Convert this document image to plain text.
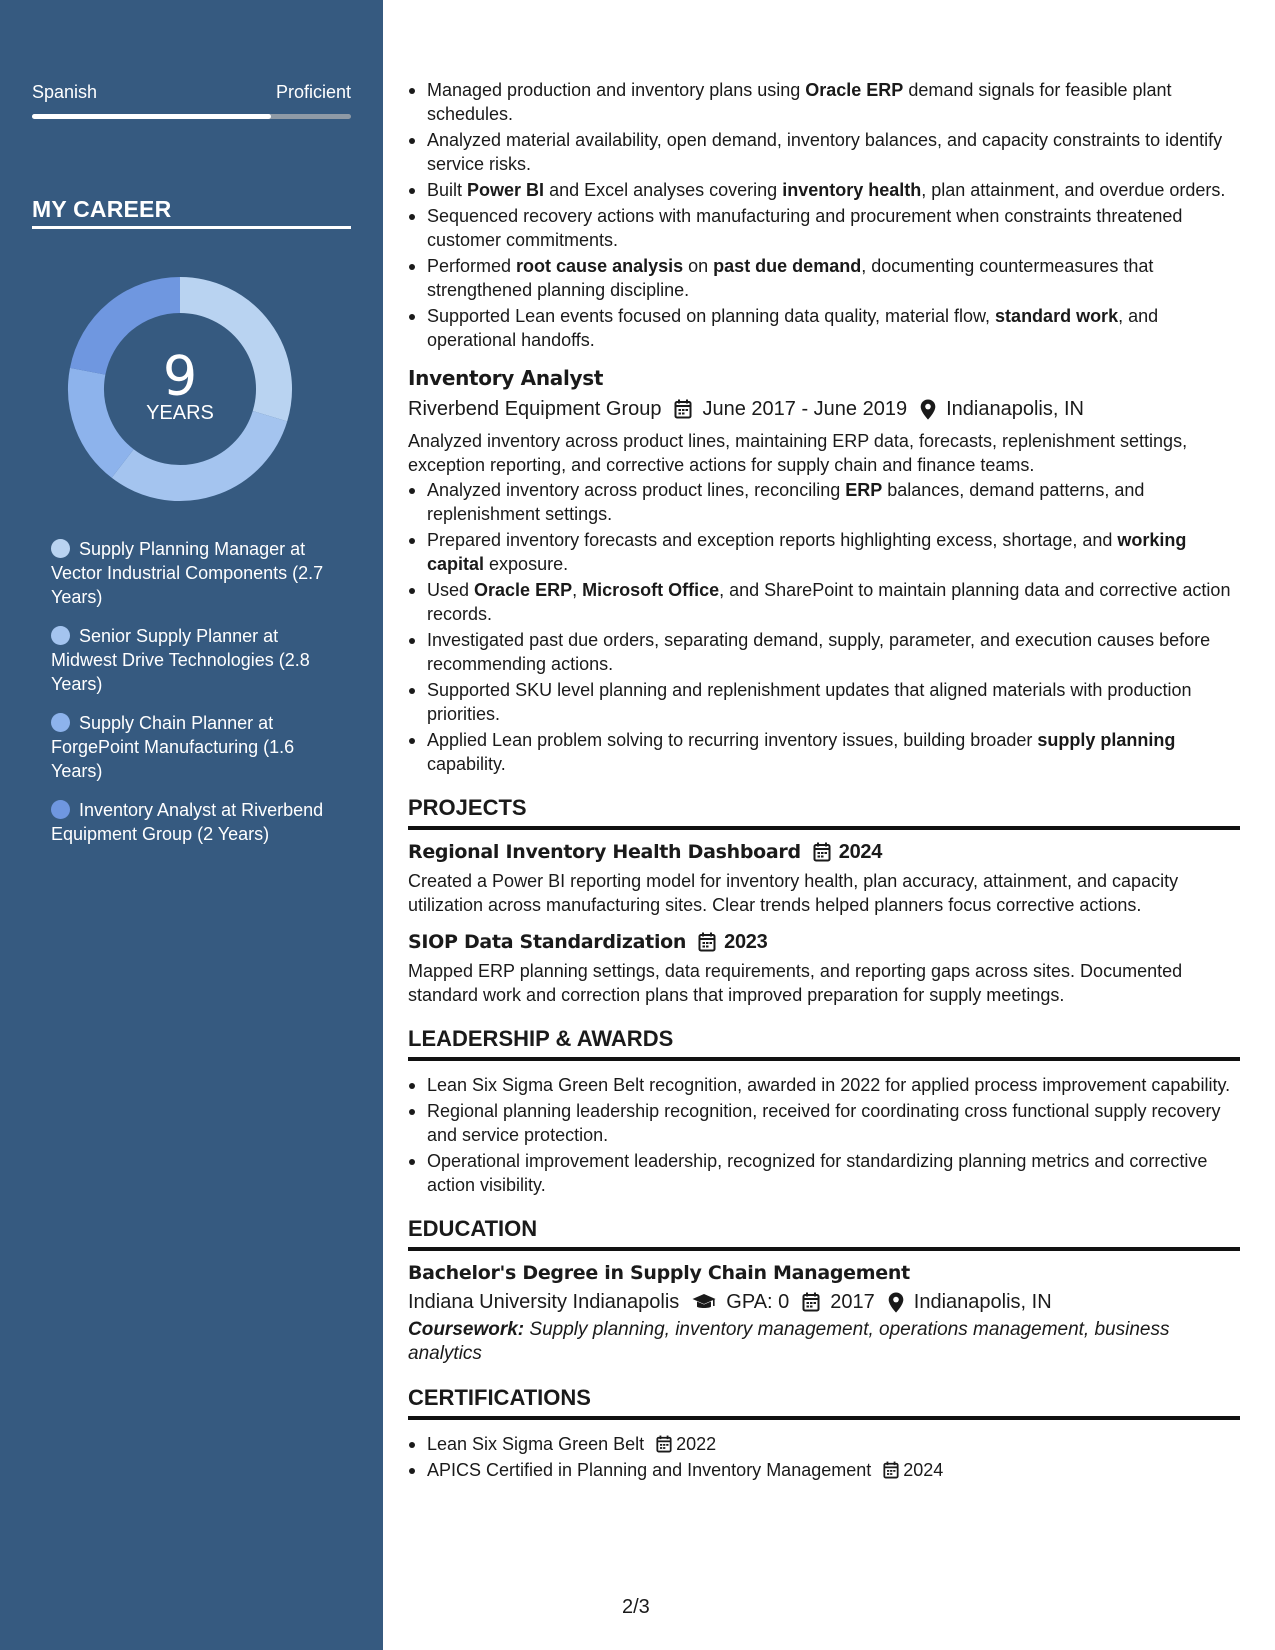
Spanish	Proficient
MY CAREER
9
YEARS
Supply Planning Manager at Vector Industrial Components (2.7 Years)
Senior Supply Planner at Midwest Drive Technologies (2.8 Years)
Supply Chain Planner at ForgePoint Manufacturing (1.6 Years)
Inventory Analyst at Riverbend Equipment Group (2 Years)
Managed production and inventory plans using Oracle ERP demand signals for feasible plant schedules.
Analyzed material availability, open demand, inventory balances, and capacity constraints to identify service risks.
Built Power BI and Excel analyses covering inventory health, plan attainment, and overdue orders.
Sequenced recovery actions with manufacturing and procurement when constraints threatened customer commitments.
Performed root cause analysis on past due demand, documenting countermeasures that strengthened planning discipline.
Supported Lean events focused on planning data quality, material flow, standard work, and operational handoffs.
Inventory Analyst
Riverbend Equipment Group June 2017 - June 2019 Indianapolis, IN
Analyzed inventory across product lines, maintaining ERP data, forecasts, replenishment settings, exception reporting, and corrective actions for supply chain and finance teams.
Analyzed inventory across product lines, reconciling ERP balances, demand patterns, and replenishment settings.
Prepared inventory forecasts and exception reports highlighting excess, shortage, and working capital exposure.
Used Oracle ERP, Microsoft Office, and SharePoint to maintain planning data and corrective action records.
Investigated past due orders, separating demand, supply, parameter, and execution causes before recommending actions.
Supported SKU level planning and replenishment updates that aligned materials with production priorities.
Applied Lean problem solving to recurring inventory issues, building broader supply planning capability.
PROJECTS
Regional Inventory Health Dashboard 2024
Created a Power BI reporting model for inventory health, plan accuracy, attainment, and capacity utilization across manufacturing sites. Clear trends helped planners focus corrective actions.
SIOP Data Standardization 2023
Mapped ERP planning settings, data requirements, and reporting gaps across sites. Documented standard work and correction plans that improved preparation for supply meetings.
LEADERSHIP & AWARDS
Lean Six Sigma Green Belt recognition, awarded in 2022 for applied process improvement capability.
Regional planning leadership recognition, received for coordinating cross functional supply recovery and service protection.
Operational improvement leadership, recognized for standardizing planning metrics and corrective action visibility.
EDUCATION
Bachelor's Degree in Supply Chain Management
Indiana University Indianapolis GPA: 0 2017 Indianapolis, IN
Coursework: Supply planning, inventory management, operations management, business analytics
CERTIFICATIONS
Lean Six Sigma Green Belt 2022
APICS Certified in Planning and Inventory Management 2024
2/3
